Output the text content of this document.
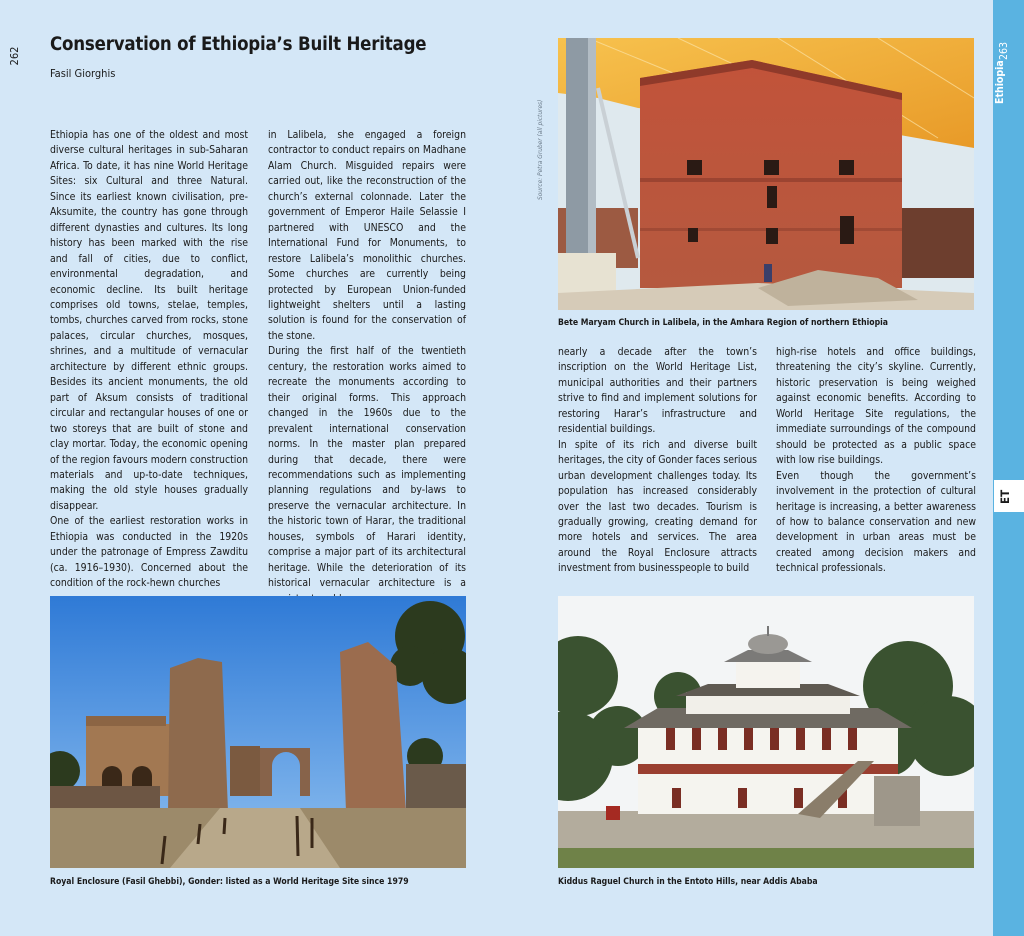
262
Conservation of Ethiopia’s Built Heritage
Fasil Giorghis

Ethiopia has one of the oldest and most diverse cultural heritages in sub-Saharan Africa. To date, it has nine World Heritage Sites: six Cultural and three Natural. Since its earliest known civilisation, pre-Aksumite, the country has gone through different dynasties and cultures. Its long history has been marked with the rise and fall of cities, due to conflict, environmental degradation, and economic decline. Its built heritage comprises old towns, stelae, temples, tombs, churches carved from rocks, stone palaces, circular churches, mosques, shrines, and a multitude of vernacular architecture by different ethnic groups. Besides its ancient monuments, the old part of Aksum consists of traditional circular and rectangular houses of one or two storeys that are built of stone and clay mortar. Today, the economic opening of the region favours modern construction materials and up-to-date techniques, making the old style houses gradually disappear.

One of the earliest restoration works in Ethiopia was conducted in the 1920s under the patronage of Empress Zawditu (ca. 1916–1930). Concerned about the condition of the rock-hewn churches

in Lalibela, she engaged a foreign contractor to conduct repairs on Madhane Alam Church. Misguided repairs were carried out, like the reconstruction of the church’s external colonnade. Later the government of Emperor Haile Selassie I partnered with UNESCO and the International Fund for Monuments, to restore Lalibela’s monolithic churches. Some churches are currently being protected by European Union-funded lightweight shelters until a lasting solution is found for the conservation of the stone.

During the first half of the twentieth century, the restoration works aimed to recreate the monuments according to their original forms. This approach changed in the 1960s due to the prevalent international conservation norms. In the master plan prepared during that decade, there were recommendations such as implementing planning regulations and by-laws to preserve the vernacular architecture. In the historic town of Harar, the traditional houses, symbols of Harari identity, comprise a major part of its architectural heritage. While the deterioration of its historical vernacular architecture is a

nearly a decade after the town’s inscription on the World Heritage List, municipal authorities and their partners strive to find and implement solutions for restoring Harar’s infrastructure and residential buildings.

In spite of its rich and diverse built heritages, the city of Gonder faces serious urban development challenges today. Its population has increased considerably over the last two decades. Tourism is gradually growing, creating demand for more hotels and services. The area around the Royal Enclosure attracts investment from businesspeople to build

high-rise hotels and office buildings, threatening the city’s skyline. Currently, historic preservation is being weighed against economic benefits. According to World Heritage Site regulations, the immediate surroundings of the compound should be protected as a public space with low rise buildings.

Even though the government’s involvement in the protection of cultural heritage is increasing, a better awareness of how to balance conservation and new development in urban areas must be created among decision makers and technical professionals.

Source: Petra Gruber (all pictures)
Bete Maryam Church in Lalibela, in the Amhara Region of northern Ethiopia
Royal Enclosure (Fasil Ghebbi), Gonder: listed as a World Heritage Site since 1979	Kiddus Raguel Church in the Entoto Hills, near Addis Ababa
263
Ethiopia
ET
